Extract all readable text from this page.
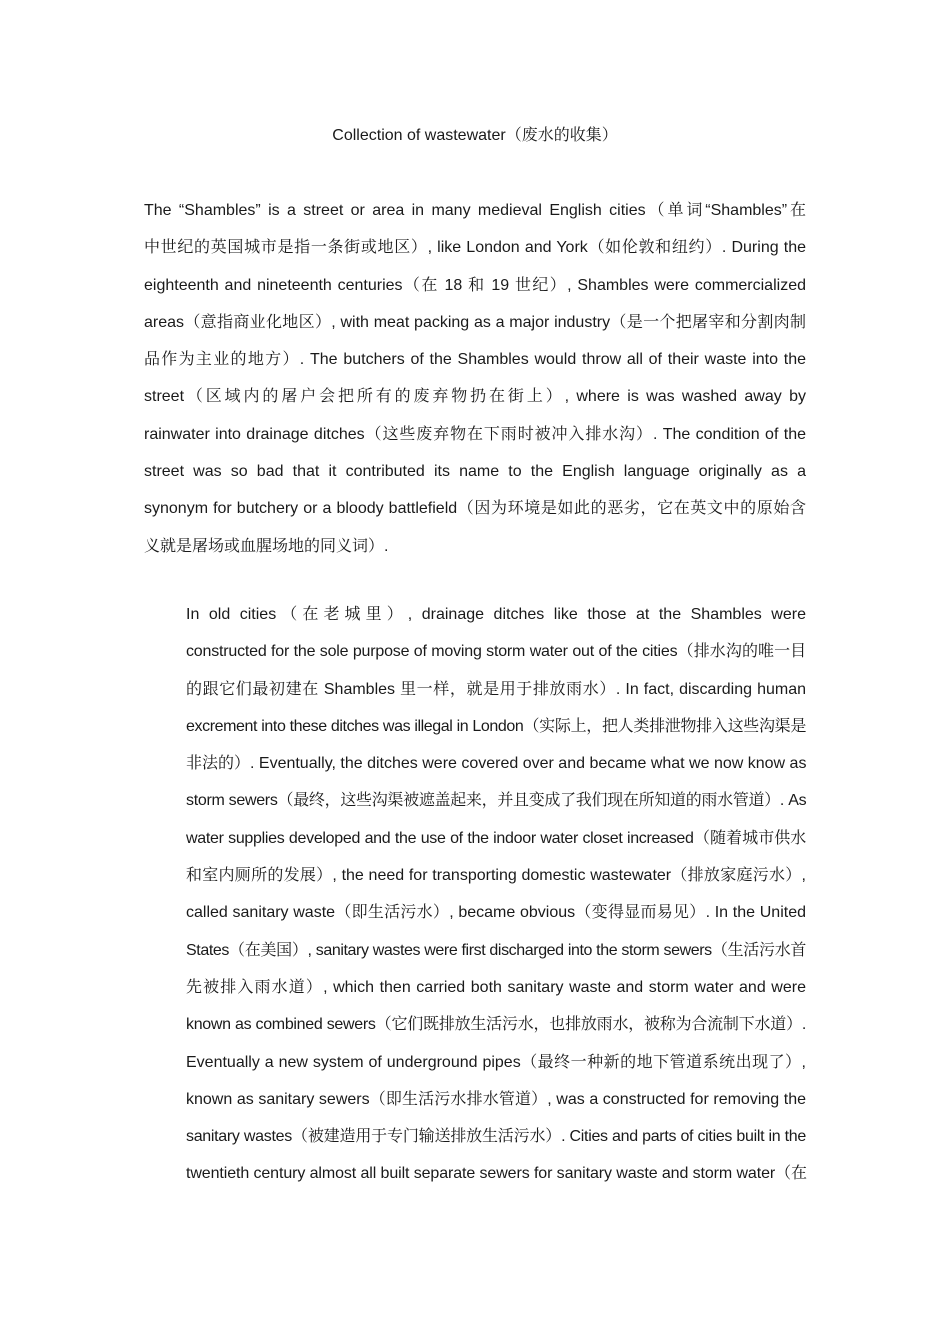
Collection of wastewater（废水的收集）
The “Shambles” is a street or area in many medieval English cities（单词“Shambles”在
中世纪的英国城市是指一条街或地区）, like London and York（如伦敦和纽约）. During the
eighteenth and nineteenth centuries（在 18 和 19 世纪）, Shambles were commercialized
areas（意指商业化地区）, with meat packing as a major industry（是一个把屠宰和分割肉制
品作为主业的地方）. The butchers of the Shambles would throw all of their waste into the
street（区域内的屠户会把所有的废弃物扔在街上）, where is was washed away by
rainwater into drainage ditches（这些废弃物在下雨时被冲入排水沟）. The condition of the
street was so bad that it contributed its name to the English language originally as a
synonym for butchery or a bloody battlefield（因为环境是如此的恶劣，它在英文中的原始含
义就是屠场或血腥场地的同义词）.
In old cities（在老城里）, drainage ditches like those at the Shambles were
constructed for the sole purpose of moving storm water out of the cities（排水沟的唯一目
的跟它们最初建在 Shambles 里一样，就是用于排放雨水）. In fact, discarding human
excrement into these ditches was illegal in London（实际上，把人类排泄物排入这些沟渠是
非法的）. Eventually, the ditches were covered over and became what we now know as
storm sewers（最终，这些沟渠被遮盖起来，并且变成了我们现在所知道的雨水管道）. As
water supplies developed and the use of the indoor water closet increased（随着城市供水
和室内厕所的发展）, the need for transporting domestic wastewater（排放家庭污水）,
called sanitary waste（即生活污水）, became obvious（变得显而易见）. In the United
States（在美国）, sanitary wastes were first discharged into the storm sewers（生活污水首
先被排入雨水道）, which then carried both sanitary waste and storm water and were
known as combined sewers（它们既排放生活污水，也排放雨水，被称为合流制下水道）.
Eventually a new system of underground pipes（最终一种新的地下管道系统出现了）,
known as sanitary sewers（即生活污水排水管道）, was a constructed for removing the
sanitary wastes（被建造用于专门输送排放生活污水）. Cities and parts of cities built in the
twentieth century almost all built separate sewers for sanitary waste and storm water（在
